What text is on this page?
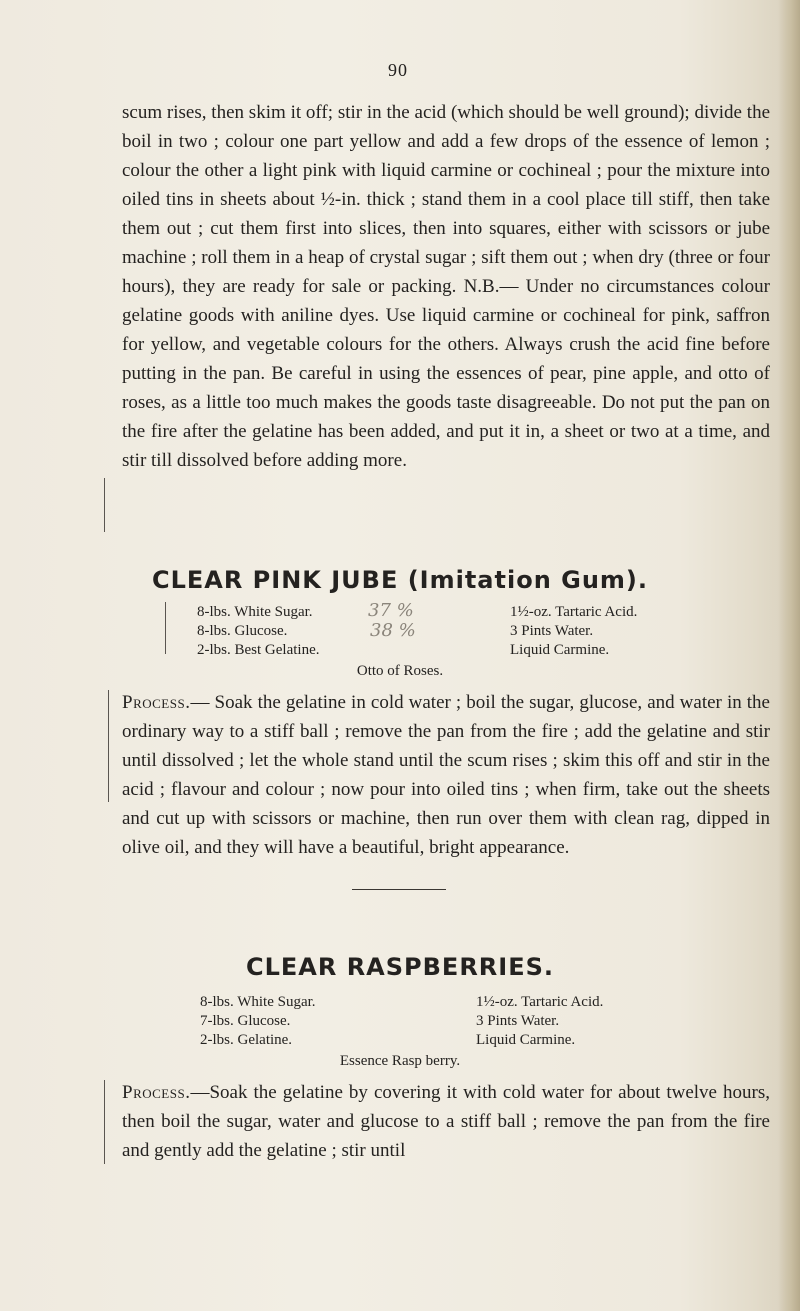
90

scum rises, then skim it off; stir in the acid (which should be well ground); divide the boil in two ; colour one part yellow and add a few drops of the essence of lemon ; colour the other a light pink with liquid carmine or cochineal ; pour the mixture into oiled tins in sheets about ½-in. thick ; stand them in a cool place till stiff, then take them out ; cut them first into slices, then into squares, either with scissors or jube machine ; roll them in a heap of crystal sugar ; sift them out ; when dry (three or four hours), they are ready for sale or packing. N.B.— Under no circumstances colour gelatine goods with aniline dyes. Use liquid carmine or cochineal for pink, saffron for yellow, and vegetable colours for the others. Always crush the acid fine before putting in the pan. Be careful in using the essences of pear, pine apple, and otto of roses, as a little too much makes the goods taste disagreeable. Do not put the pan on the fire after the gelatine has been added, and put it in, a sheet or two at a time, and stir till dissolved before adding more.

CLEAR PINK JUBE (Imitation Gum).
8-lbs. White Sugar.
8-lbs. Glucose.
2-lbs. Best Gelatine.
37 %
38 %
1½-oz. Tartaric Acid.
3 Pints Water.
Liquid Carmine.
Otto of Roses.

Process.— Soak the gelatine in cold water ; boil the sugar, glucose, and water in the ordinary way to a stiff ball ; remove the pan from the fire ; add the gelatine and stir until dissolved ; let the whole stand until the scum rises ; skim this off and stir in the acid ; flavour and colour ; now pour into oiled tins ; when firm, take out the sheets and cut up with scissors or machine, then run over them with clean rag, dipped in olive oil, and they will have a beautiful, bright appearance.

CLEAR RASPBERRIES.
8-lbs. White Sugar.
7-lbs. Glucose.
2-lbs. Gelatine.
1½-oz. Tartaric Acid.
3 Pints Water.
Liquid Carmine.
Essence Rasp berry.

Process.—Soak the gelatine by covering it with cold water for about twelve hours, then boil the sugar, water and glucose to a stiff ball ; remove the pan from the fire and gently add the gelatine ; stir until
